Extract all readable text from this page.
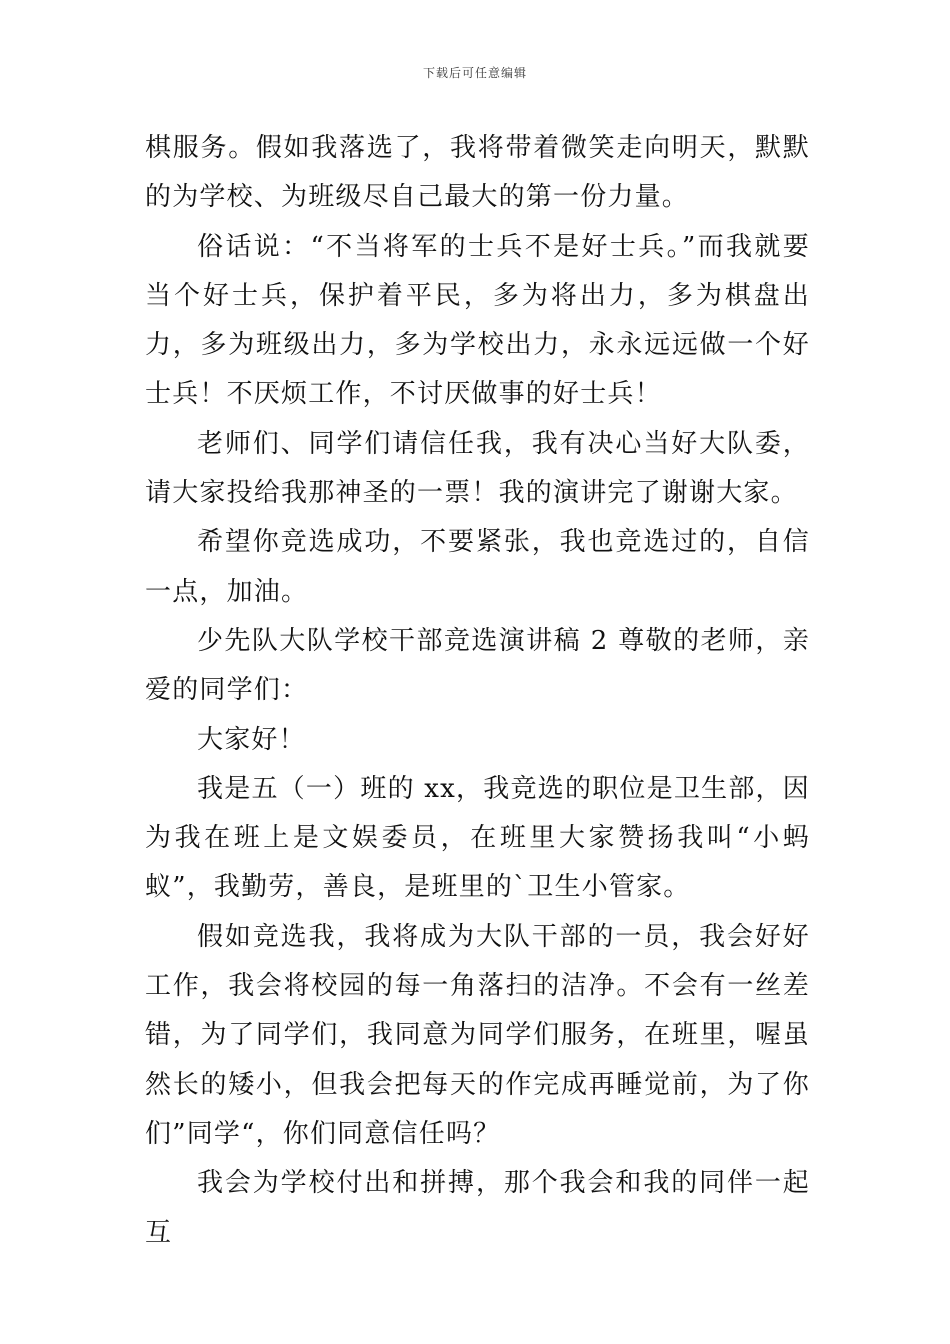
下载后可任意编辑

棋服务。假如我落选了，我将带着微笑走向明天，默默的为学校、为班级尽自己最大的第一份力量。

俗话说：“不当将军的士兵不是好士兵。”而我就要当个好士兵，保护着平民，多为将出力，多为棋盘出力，多为班级出力，多为学校出力，永永远远做一个好士兵！不厌烦工作，不讨厌做事的好士兵！

老师们、同学们请信任我，我有决心当好大队委，请大家投给我那神圣的一票！我的演讲完了谢谢大家。

希望你竞选成功，不要紧张，我也竞选过的，自信一点，加油。

少先队大队学校干部竞选演讲稿 2 尊敬的老师，亲爱的同学们：

大家好！

我是五（一）班的 xx，我竞选的职位是卫生部，因为我在班上是文娱委员，在班里大家赞扬我叫“小蚂蚁”，我勤劳，善良，是班里的`卫生小管家。

假如竞选我，我将成为大队干部的一员，我会好好工作，我会将校园的每一角落扫的洁净。不会有一丝差错，为了同学们，我同意为同学们服务，在班里，喔虽然长的矮小，但我会把每天的作完成再睡觉前，为了你们”同学“，你们同意信任吗？

我会为学校付出和拼搏，那个我会和我的同伴一起互
